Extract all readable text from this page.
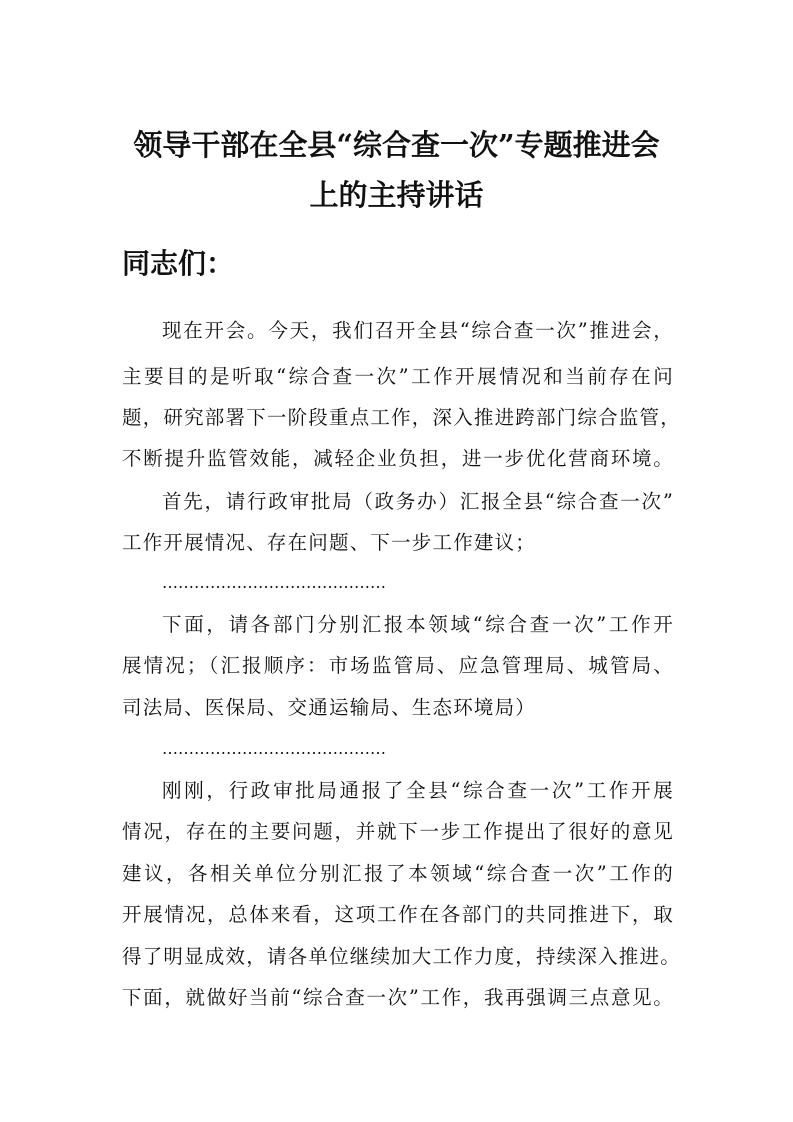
领导干部在全县“综合查一次”专题推进会
上的主持讲话

同志们：

现在开会。今天，我们召开全县“综合查一次”推进会，

主要目的是听取“综合查一次”工作开展情况和当前存在问

题，研究部署下一阶段重点工作，深入推进跨部门综合监管，

不断提升监管效能，减轻企业负担，进一步优化营商环境。

首先，请行政审批局（政务办）汇报全县“综合查一次”

工作开展情况、存在问题、下一步工作建议；

……………………………………

下面，请各部门分别汇报本领域“综合查一次”工作开

展情况；（汇报顺序：市场监管局、应急管理局、城管局、

司法局、医保局、交通运输局、生态环境局）

……………………………………

刚刚，行政审批局通报了全县“综合查一次”工作开展

情况，存在的主要问题，并就下一步工作提出了很好的意见

建议，各相关单位分别汇报了本领域“综合查一次”工作的

开展情况，总体来看，这项工作在各部门的共同推进下，取

得了明显成效，请各单位继续加大工作力度，持续深入推进。

下面，就做好当前“综合查一次”工作，我再强调三点意见。
